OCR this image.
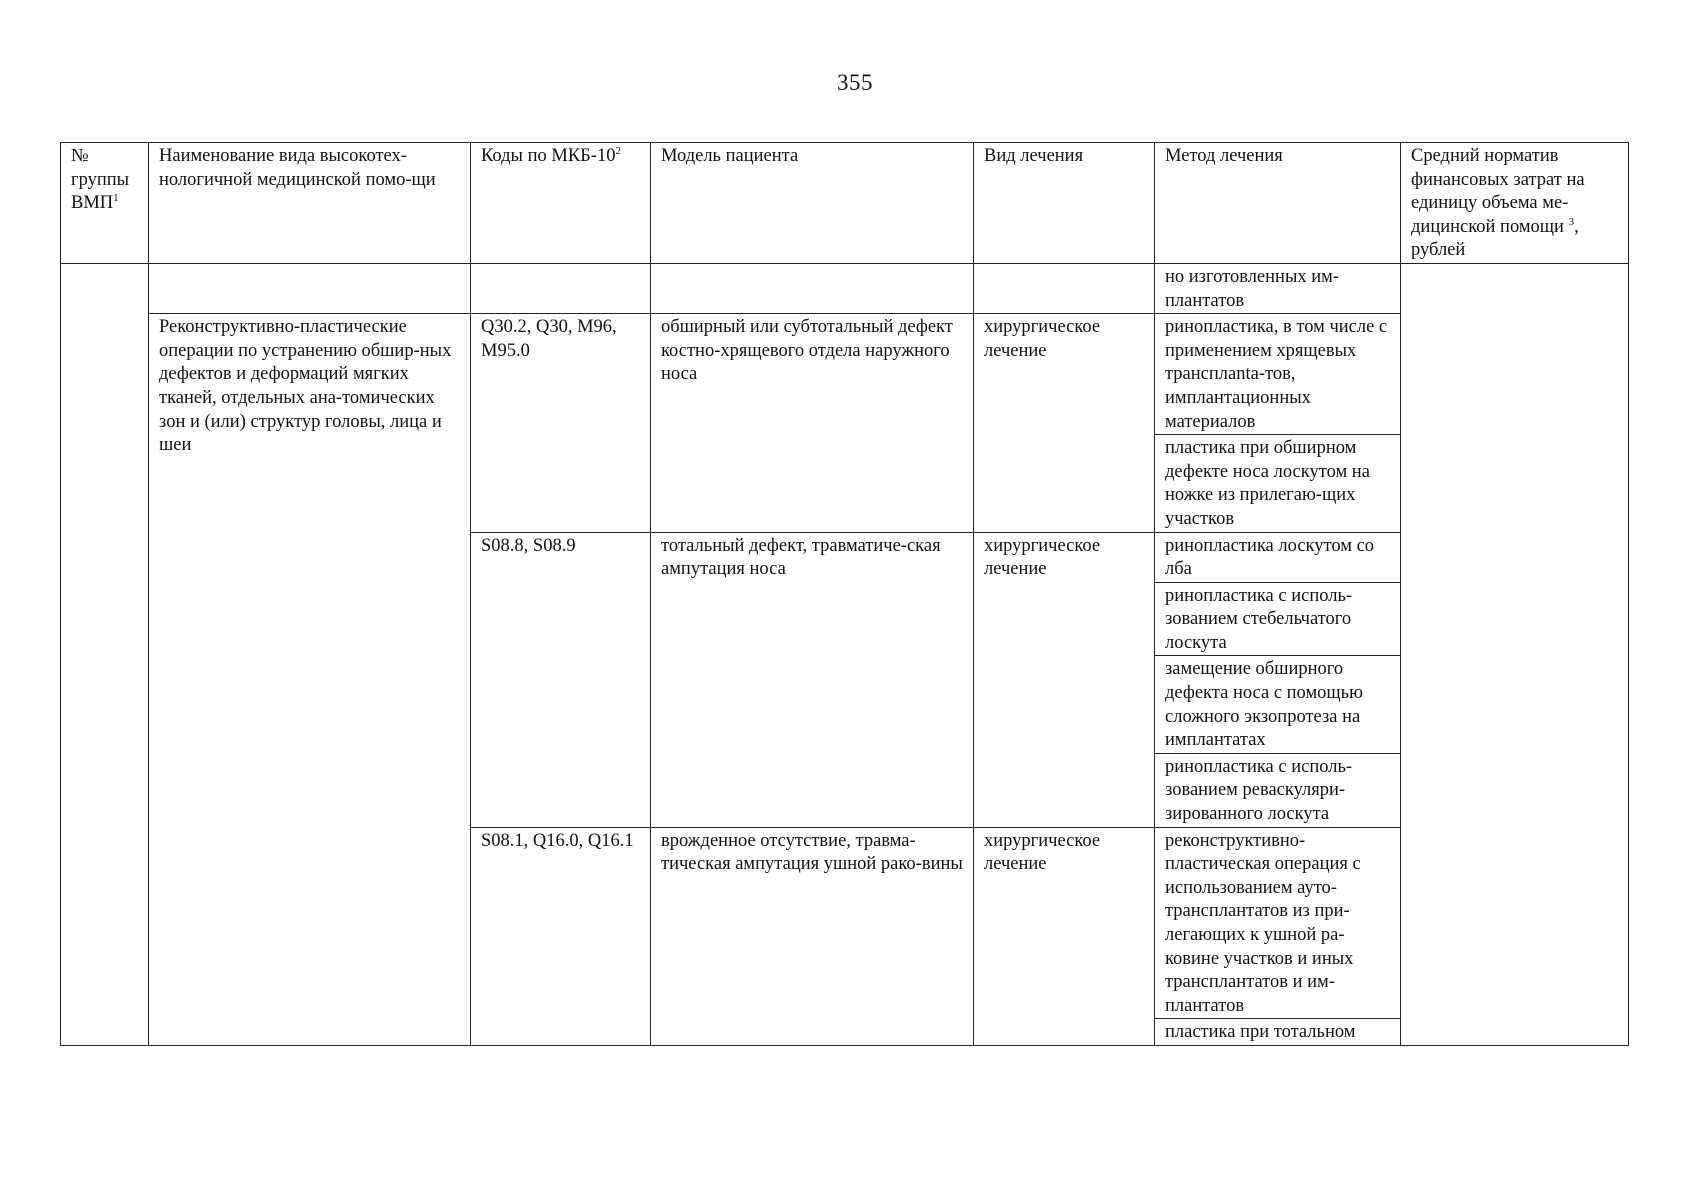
355
№ группы ВМП$^1$	Наименование вида высокотех-нологичной медицинской помо-щи	Коды по МКБ-$10^2$	Модель пациента	Вид лечения	Метод лечения	Средний норматив финансовых затрат на единицу объема ме-дицинской помощи $^3$, рублей
					но изготовленных им-плантатов	
	Реконструктивно-пластические операции по устранению обшир-ных дефектов и деформаций мягких тканей, отдельных ана-томических зон и (или) структур головы, лица и шеи	Q30.2, Q30, M96, M95.0	обширный или субтотальный дефект костно-хрящевого отдела наружного носа	хирургическое лечение	ринопластика, в том числе с применением хрящевых трансплanta-тов, имплантационных материалов	
					пластика при обширном дефекте носа лоскутом на ножке из прилегаю-щих участков	
		S08.8, S08.9	тотальный дефект, травматиче-ская ампутация носа	хирургическое лечение	ринопластика лоскутом со лба	
					ринопластика с исполь-зованием стебельчатого лоскута	
					замещение обширного дефекта носа с помощью сложного экзопротеза на имплантатах	
					ринопластика с исполь-зованием реваскуляри-зированного лоскута	
		S08.1, Q16.0, Q16.1	врожденное отсутствие, травма-тическая ампутация ушной рако-вины	хирургическое лечение	реконструктивно-пластическая операция с использованием ауто-трансплантатов из при-легающих к ушной ра-ковине участков и иных трансплантатов и им-плантатов	
					пластика при тотальном	
